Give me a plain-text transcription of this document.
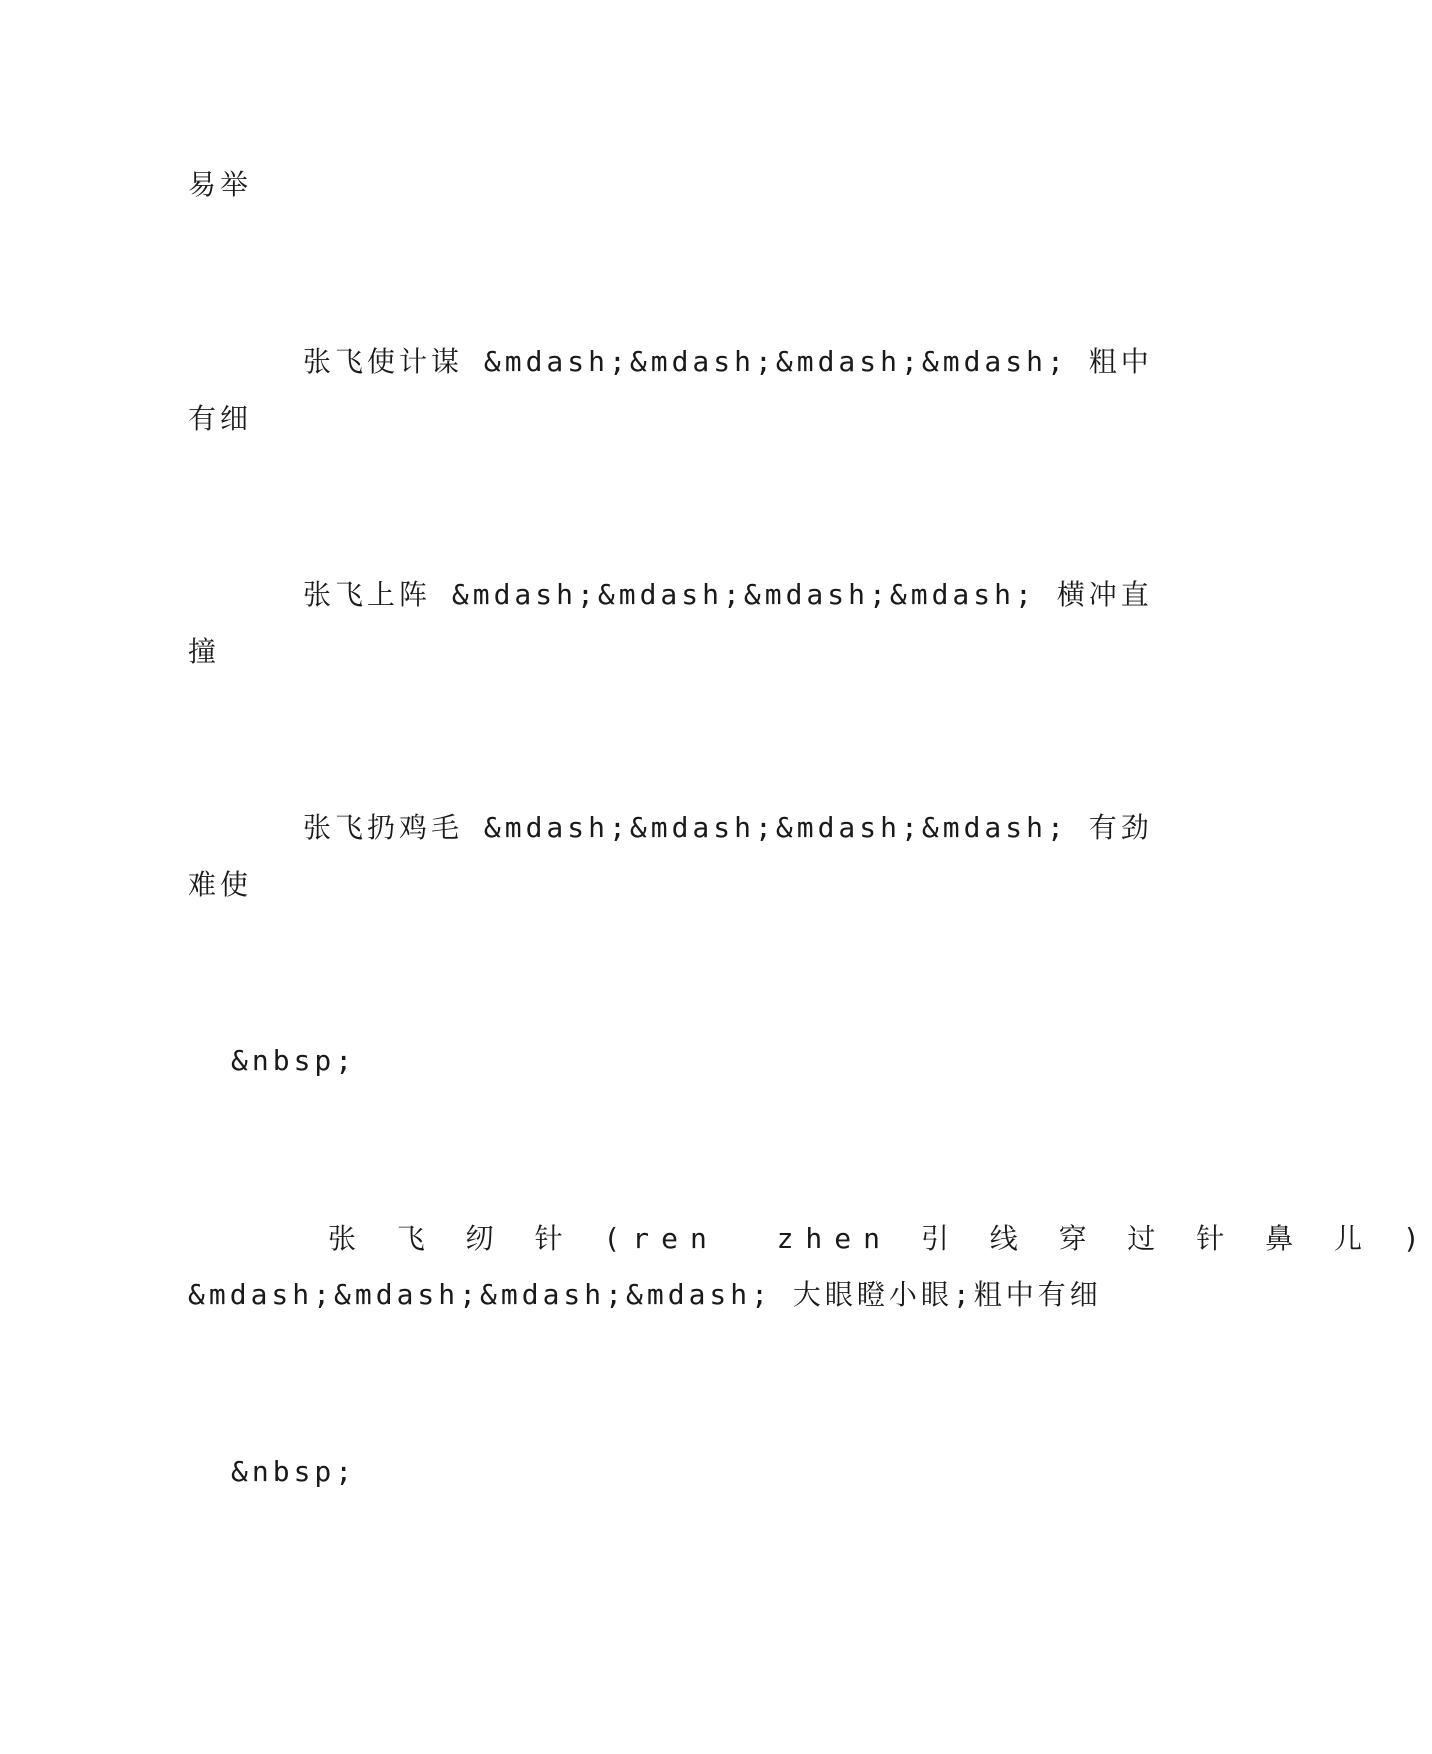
易举
张飞使计谋 &mdash;&mdash;&mdash;&mdash; 粗中
有细
张飞上阵 &mdash;&mdash;&mdash;&mdash; 横冲直
撞
张飞扔鸡毛 &mdash;&mdash;&mdash;&mdash; 有劲
难使
&nbsp;
张 飞 纫 针 (ren  zhen 引 线 穿 过 针 鼻 儿 )
&mdash;&mdash;&mdash;&mdash; 大眼瞪小眼;粗中有细
&nbsp;
